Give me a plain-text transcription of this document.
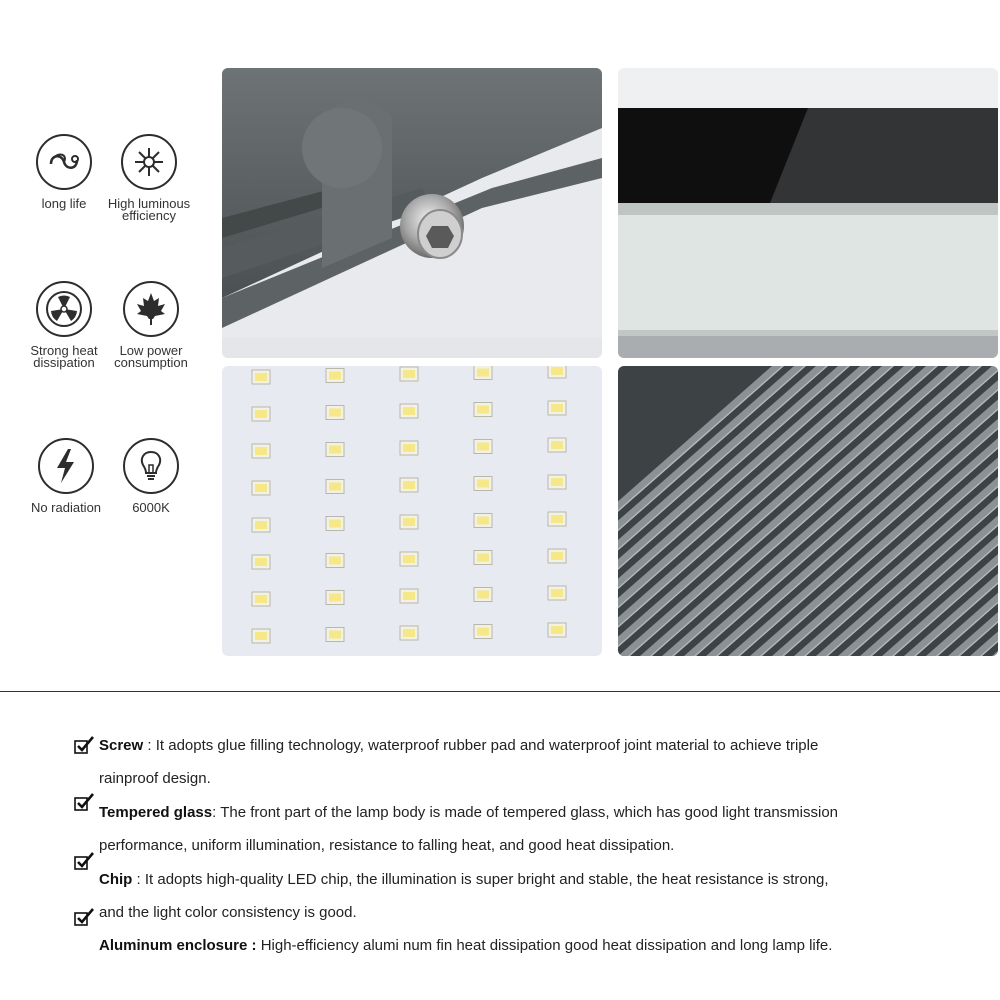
long life	High luminous
efficiency
Strong heat
dissipation
Low power
consumption
No radiation	6000K
Screw : It adopts glue filling technology, waterproof rubber pad and waterproof joint material to achieve triple
rainproof design.
Tempered glass: The front part of the lamp body is made of tempered glass, which has good light transmission
performance, uniform illumination, resistance to falling heat, and good heat dissipation.
Chip : It adopts high-quality LED chip, the illumination is super bright and stable, the heat resistance is strong,
and the light color consistency is good.
Aluminum enclosure : High-efficiency alumi num fin heat dissipation good heat dissipation and long lamp life.
